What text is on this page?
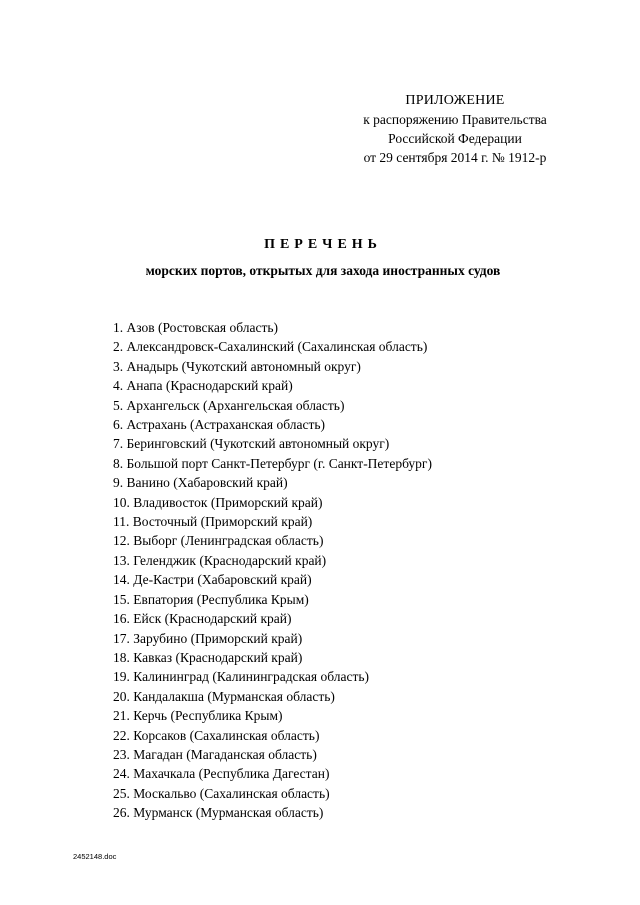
ПРИЛОЖЕНИЕ
к распоряжению Правительства
Российской Федерации
от 29 сентября 2014 г. № 1912-р
ПЕРЕЧЕНЬ
морских портов, открытых для захода иностранных судов
1. Азов (Ростовская область)
2. Александровск-Сахалинский (Сахалинская область)
3. Анадырь (Чукотский автономный округ)
4. Анапа (Краснодарский край)
5. Архангельск (Архангельская область)
6. Астрахань (Астраханская область)
7. Беринговский (Чукотский автономный округ)
8. Большой порт Санкт-Петербург (г. Санкт-Петербург)
9. Ванино (Хабаровский край)
10. Владивосток (Приморский край)
11. Восточный (Приморский край)
12. Выборг (Ленинградская область)
13. Геленджик (Краснодарский край)
14. Де-Кастри (Хабаровский край)
15. Евпатория (Республика Крым)
16. Ейск (Краснодарский край)
17. Зарубино (Приморский край)
18. Кавказ (Краснодарский край)
19. Калининград (Калининградская область)
20. Кандалакша (Мурманская область)
21. Керчь (Республика Крым)
22. Корсаков (Сахалинская область)
23. Магадан (Магаданская область)
24. Махачкала (Республика Дагестан)
25. Москальво (Сахалинская область)
26. Мурманск (Мурманская область)
2452148.doc
